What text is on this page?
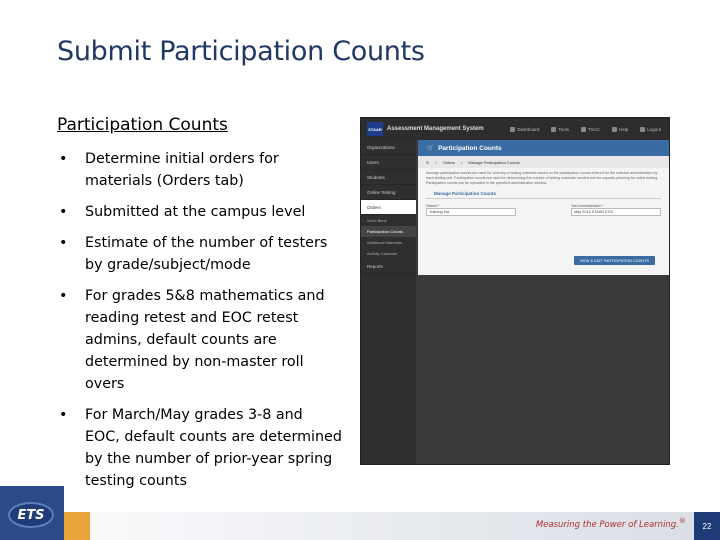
Submit Participation Counts
Participation Counts
• Determine initial orders for materials (Orders tab)
• Submitted at the campus level
• Estimate of the number of testers by grade/subject/mode
• For grades 5&8 mathematics and reading retest and EOC retest admins, default counts are determined by non-master roll overs
• For March/May grades 3-8 and EOC, default counts are determined by the number of prior-year spring testing counts
STAAR Assessment Management System	Dashboard	Tools	TSAC	Help	Logout
Organizations
Users
Students
Online Testing
Orders
Word Bank
Participation Counts
Additional Materials
Activity Calendar
Reports
🛒 Participation Counts
↻ › Orders › Manage Participation Counts
Average participation counts are used for ordering of testing materials based on the participation counts entered for the selected administration by each testing unit. Participation counts are used for determining the number of testing materials needed and for capacity planning for online testing. Participation counts can be uploaded in the specified administration window.
Manage Participation Counts
District *
Training Ind
Test Administration *
May 2015 STAAR EOC
VIEW & EDIT PARTICIPATION COUNTS
ETS
Measuring the Power of Learning.®
22
